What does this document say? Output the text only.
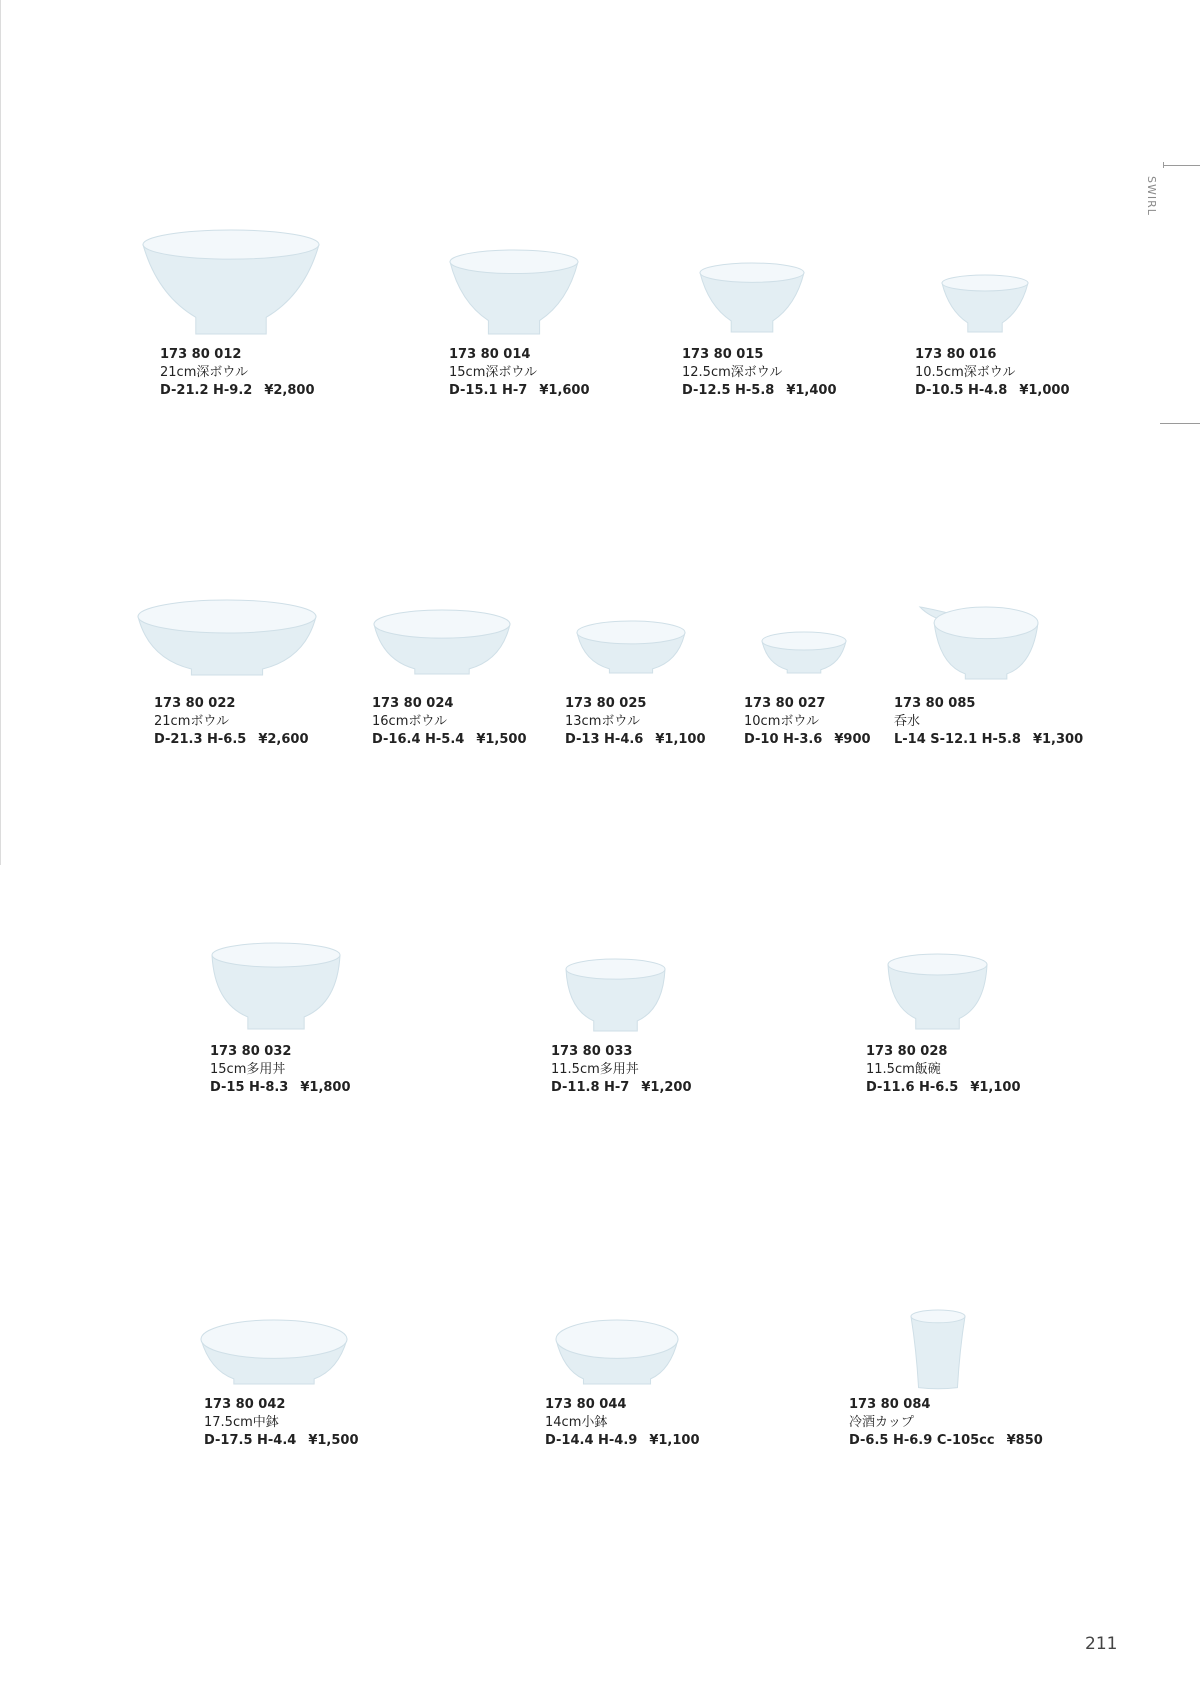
SWIRL
173 80 012
21cm深ボウル
D-21.2 H-9.2 ¥2,800
173 80 014
15cm深ボウル
D-15.1 H-7 ¥1,600
173 80 015
12.5cm深ボウル
D-12.5 H-5.8 ¥1,400
173 80 016
10.5cm深ボウル
D-10.5 H-4.8 ¥1,000
173 80 022
21cmボウル
D-21.3 H-6.5 ¥2,600
173 80 024
16cmボウル
D-16.4 H-5.4 ¥1,500
173 80 025
13cmボウル
D-13 H-4.6 ¥1,100
173 80 027
10cmボウル
D-10 H-3.6 ¥900
173 80 085
呑水
L-14 S-12.1 H-5.8 ¥1,300
173 80 032
15cm多用丼
D-15 H-8.3 ¥1,800
173 80 033
11.5cm多用丼
D-11.8 H-7 ¥1,200
173 80 028
11.5cm飯碗
D-11.6 H-6.5 ¥1,100
173 80 042
17.5cm中鉢
D-17.5 H-4.4 ¥1,500
173 80 044
14cm小鉢
D-14.4 H-4.9 ¥1,100
173 80 084
冷酒カップ
D-6.5 H-6.9 C-105cc ¥850
211
